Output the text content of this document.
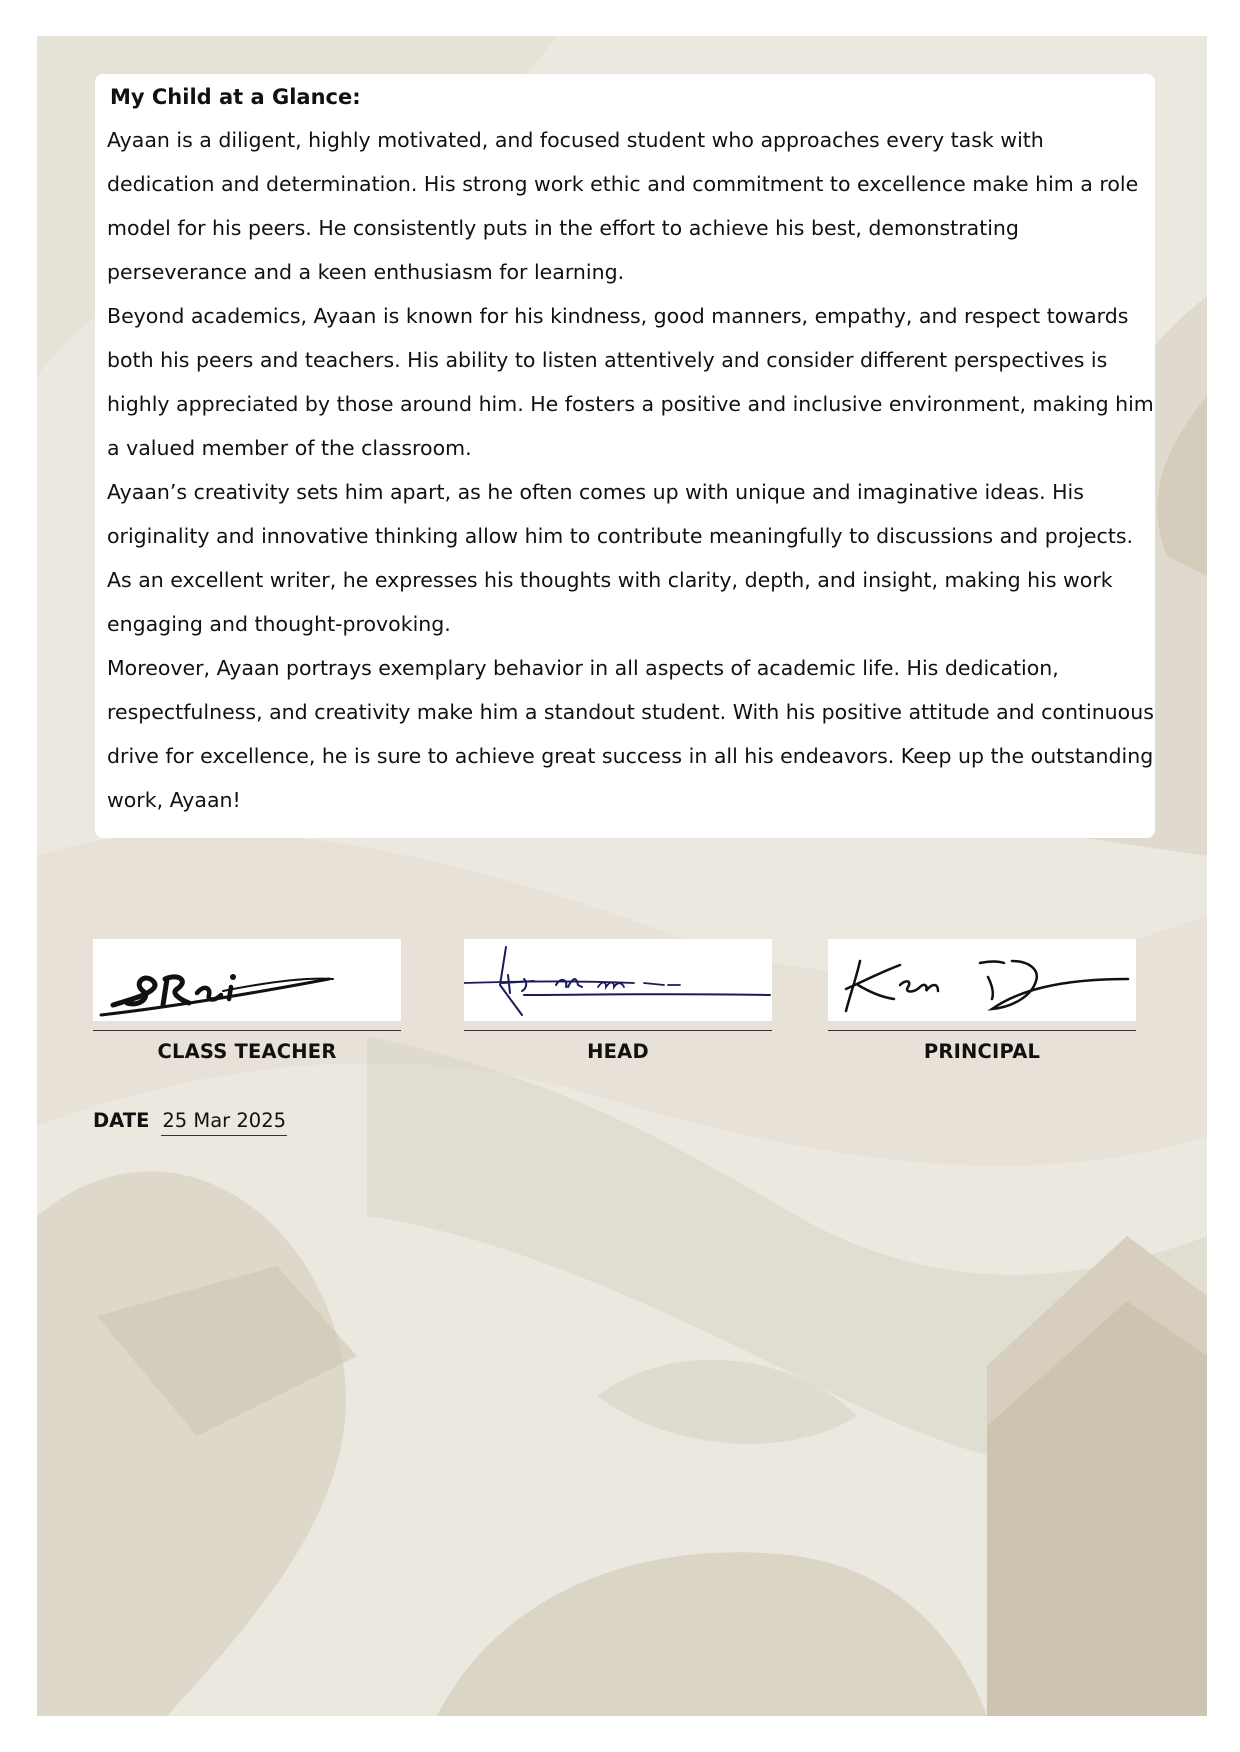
My Child at a Glance:

Ayaan is a diligent, highly motivated, and focused student who approaches every task with dedication and determination. His strong work ethic and commitment to excellence make him a role model for his peers. He consistently puts in the effort to achieve his best, demonstrating perseverance and a keen enthusiasm for learning.

Beyond academics, Ayaan is known for his kindness, good manners, empathy, and respect towards both his peers and teachers. His ability to listen attentively and consider different perspectives is highly appreciated by those around him. He fosters a positive and inclusive environment, making him a valued member of the classroom.

Ayaan’s creativity sets him apart, as he often comes up with unique and imaginative ideas. His originality and innovative thinking allow him to contribute meaningfully to discussions and projects. As an excellent writer, he expresses his thoughts with clarity, depth, and insight, making his work engaging and thought-provoking.

Moreover, Ayaan portrays exemplary behavior in all aspects of academic life. His dedication, respectfulness, and creativity make him a standout student. With his positive attitude and continuous drive for excellence, he is sure to achieve great success in all his endeavors. Keep up the outstanding work, Ayaan!

CLASS TEACHER	HEAD	PRINCIPAL
DATE 25 Mar 2025
